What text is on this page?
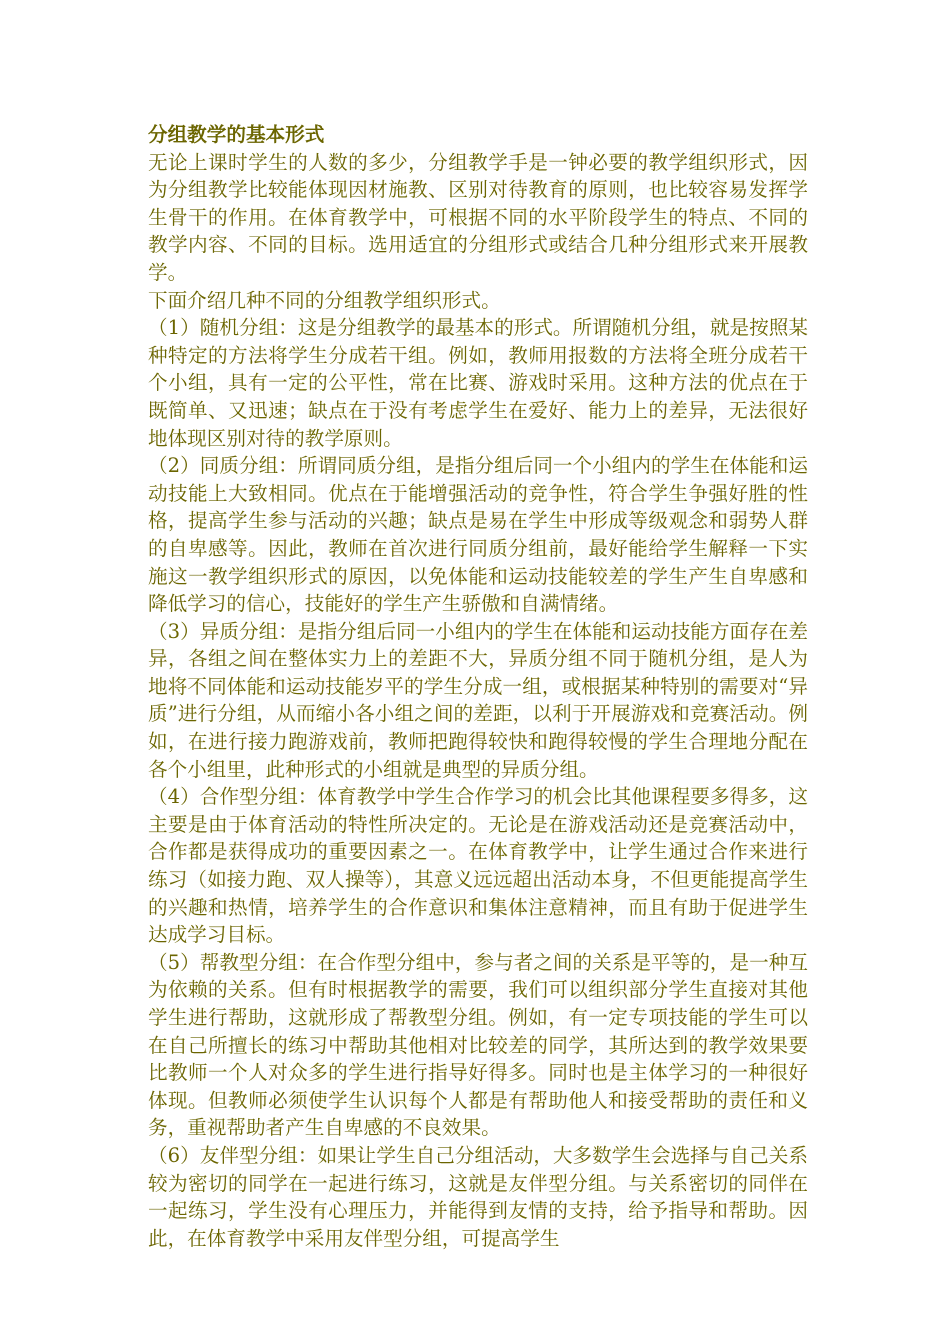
分组教学的基本形式

无论上课时学生的人数的多少，分组教学手是一钟必要的教学组织形式，因为分组教学比较能体现因材施教、区别对待教育的原则，也比较容易发挥学生骨干的作用。在体育教学中，可根据不同的水平阶段学生的特点、不同的教学内容、不同的目标。选用适宜的分组形式或结合几种分组形式来开展教学。

下面介绍几种不同的分组教学组织形式。

（1）随机分组：这是分组教学的最基本的形式。所谓随机分组，就是按照某种特定的方法将学生分成若干组。例如，教师用报数的方法将全班分成若干个小组，具有一定的公平性，常在比赛、游戏时采用。这种方法的优点在于既简单、又迅速；缺点在于没有考虑学生在爱好、能力上的差异，无法很好地体现区别对待的教学原则。

（2）同质分组：所谓同质分组，是指分组后同一个小组内的学生在体能和运动技能上大致相同。优点在于能增强活动的竞争性，符合学生争强好胜的性格，提高学生参与活动的兴趣；缺点是易在学生中形成等级观念和弱势人群的自卑感等。因此，教师在首次进行同质分组前，最好能给学生解释一下实施这一教学组织形式的原因，以免体能和运动技能较差的学生产生自卑感和降低学习的信心，技能好的学生产生骄傲和自满情绪。

（3）异质分组：是指分组后同一小组内的学生在体能和运动技能方面存在差异，各组之间在整体实力上的差距不大，异质分组不同于随机分组，是人为地将不同体能和运动技能岁平的学生分成一组，或根据某种特别的需要对“异质”进行分组，从而缩小各小组之间的差距，以利于开展游戏和竞赛活动。例如，在进行接力跑游戏前，教师把跑得较快和跑得较慢的学生合理地分配在各个小组里，此种形式的小组就是典型的异质分组。

（4）合作型分组：体育教学中学生合作学习的机会比其他课程要多得多，这主要是由于体育活动的特性所决定的。无论是在游戏活动还是竞赛活动中，合作都是获得成功的重要因素之一。在体育教学中，让学生通过合作来进行练习（如接力跑、双人操等），其意义远远超出活动本身，不但更能提高学生的兴趣和热情，培养学生的合作意识和集体注意精神，而且有助于促进学生达成学习目标。

（5）帮教型分组：在合作型分组中，参与者之间的关系是平等的，是一种互为依赖的关系。但有时根据教学的需要，我们可以组织部分学生直接对其他学生进行帮助，这就形成了帮教型分组。例如，有一定专项技能的学生可以在自己所擅长的练习中帮助其他相对比较差的同学，其所达到的教学效果要比教师一个人对众多的学生进行指导好得多。同时也是主体学习的一种很好体现。但教师必须使学生认识每个人都是有帮助他人和接受帮助的责任和义务，重视帮助者产生自卑感的不良效果。

（6）友伴型分组：如果让学生自己分组活动，大多数学生会选择与自己关系较为密切的同学在一起进行练习，这就是友伴型分组。与关系密切的同伴在一起练习，学生没有心理压力，并能得到友情的支持，给予指导和帮助。因此，在体育教学中采用友伴型分组，可提高学生
